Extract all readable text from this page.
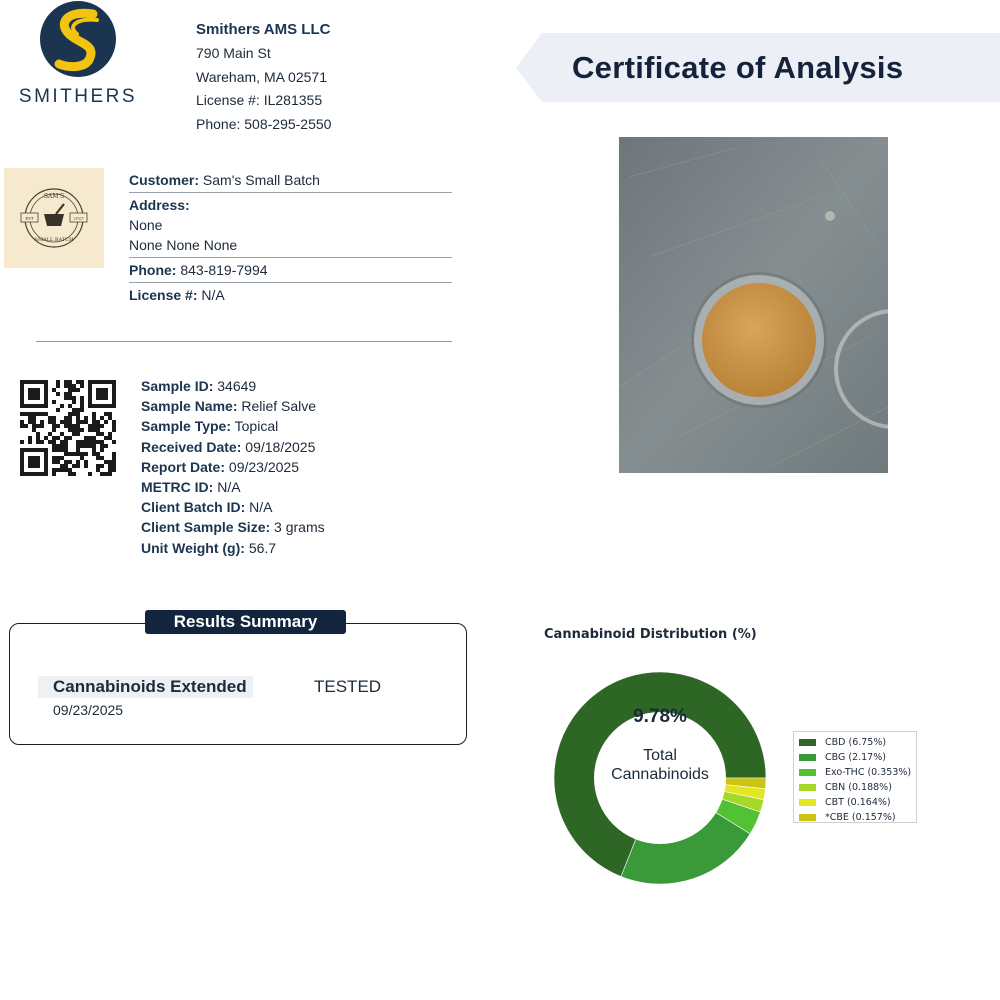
SMITHERS
Smithers AMS LLC
790 Main St
Wareham, MA 02571
License #: IL281355
Phone: 508-295-2550
Certificate of Analysis
SAM'S
SMALL BATCH
EST	2023
Customer: Sam's Small Batch
Address:
None
None None None
Phone: 843-819-7994
License #: N/A
Sample ID: 34649
Sample Name: Relief Salve
Sample Type: Topical
Received Date: 09/18/2025
Report Date: 09/23/2025
METRC ID: N/A
Client Batch ID: N/A
Client Sample Size: 3 grams
Unit Weight (g): 56.7
Results Summary
Cannabinoids Extended	TESTED
09/23/2025
Cannabinoid Distribution (%)
9.78%
Total
Cannabinoids
CBD (6.75%)
CBG (2.17%)
Exo-THC (0.353%)
CBN (0.188%)
CBT (0.164%)
*CBE (0.157%)
